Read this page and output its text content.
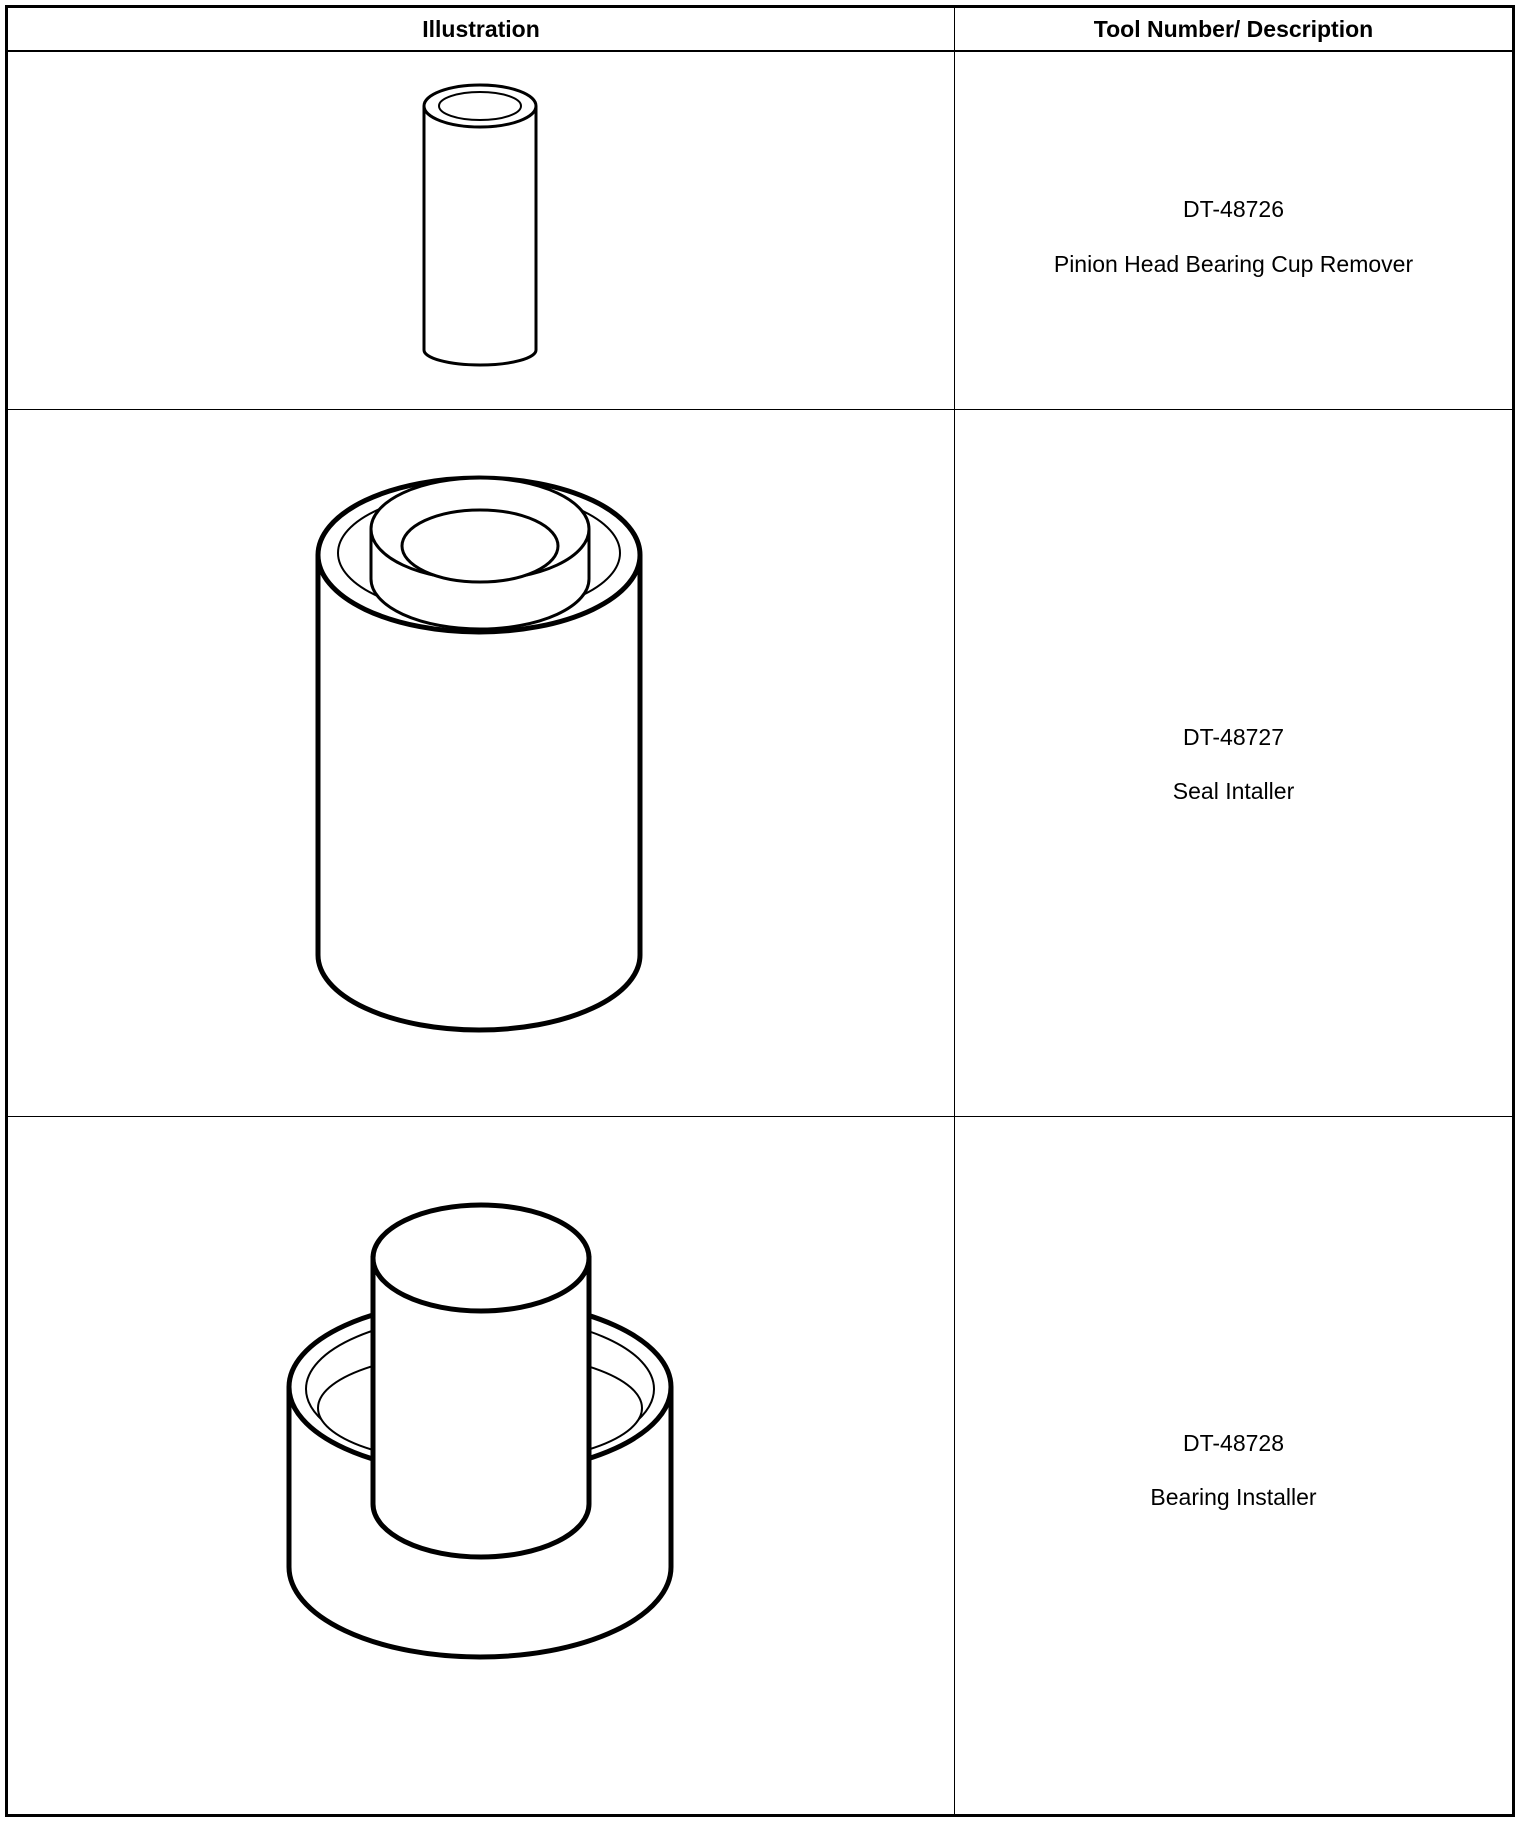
Illustration	Tool Number/ Description
DT-48726
Pinion Head Bearing Cup Remover
DT-48727
Seal Intaller
DT-48728
Bearing Installer
